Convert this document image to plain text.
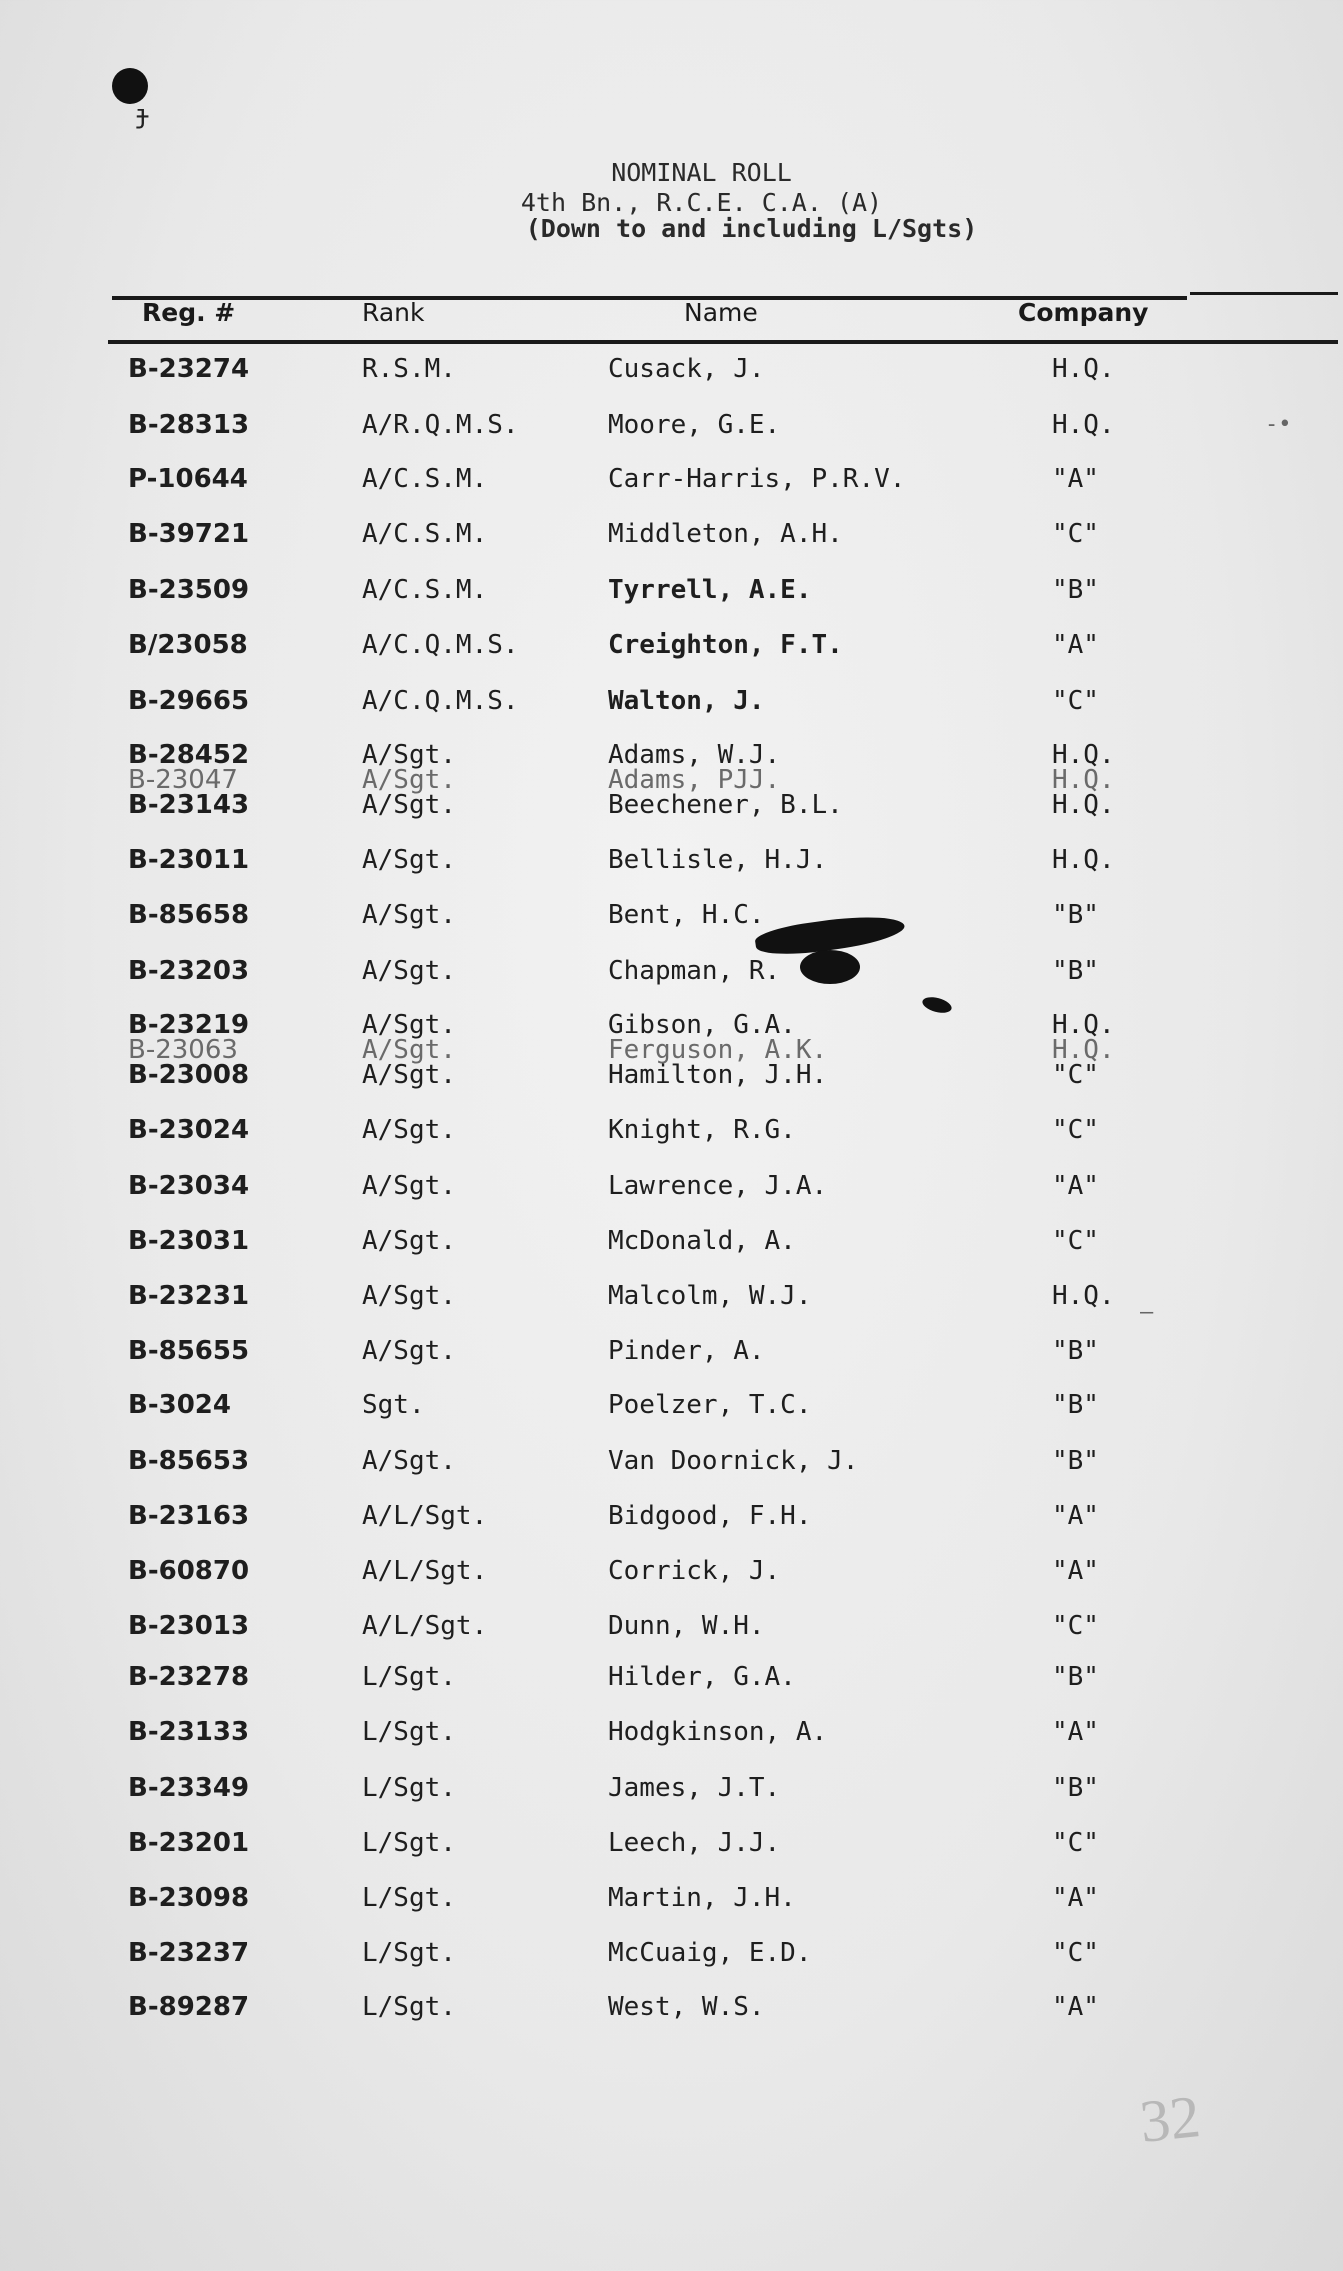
ɟ
NOMINAL ROLL
4th Bn., R.C.E. C.A. (A)
(Down to and including L/Sgts)
Reg. #	Rank	Name	Company
B-23274	R.S.M.	Cusack, J.	H.Q.
B-28313	A/R.Q.M.S.	Moore, G.E.	H.Q.
P-10644	A/C.S.M.	Carr-Harris, P.R.V.	"A"
B-39721	A/C.S.M.	Middleton, A.H.	"C"
B-23509	A/C.S.M.	Tyrrell, A.E.	"B"
B/23058	A/C.Q.M.S.	Creighton, F.T.	"A"
B-29665	A/C.Q.M.S.	Walton, J.	"C"
B-28452	A/Sgt.	Adams, W.J.	H.Q.
B-23047	A/Sgt.	Adams, PJJ.	H.Q.
B-23143	A/Sgt.	Beechener, B.L.	H.Q.
B-23011	A/Sgt.	Bellisle, H.J.	H.Q.
B-85658	A/Sgt.	Bent, H.C.	"B"
B-23203	A/Sgt.	Chapman, R.	"B"
B-23219	A/Sgt.	Gibson, G.A.	H.Q.
B-23063	A/Sgt.	Ferguson, A.K.	H.Q.
B-23008	A/Sgt.	Hamilton, J.H.	"C"
B-23024	A/Sgt.	Knight, R.G.	"C"
B-23034	A/Sgt.	Lawrence, J.A.	"A"
B-23031	A/Sgt.	McDonald, A.	"C"
B-23231	A/Sgt.	Malcolm, W.J.	H.Q.
B-85655	A/Sgt.	Pinder, A.	"B"
B-3024	Sgt.	Poelzer, T.C.	"B"
B-85653	A/Sgt.	Van Doornick, J.	"B"
B-23163	A/L/Sgt.	Bidgood, F.H.	"A"
B-60870	A/L/Sgt.	Corrick, J.	"A"
B-23013	A/L/Sgt.	Dunn, W.H.	"C"
B-23278	L/Sgt.	Hilder, G.A.	"B"
B-23133	L/Sgt.	Hodgkinson, A.	"A"
B-23349	L/Sgt.	James, J.T.	"B"
B-23201	L/Sgt.	Leech, J.J.	"C"
B-23098	L/Sgt.	Martin, J.H.	"A"
B-23237	L/Sgt.	McCuaig, E.D.	"C"
B-89287	L/Sgt.	West, W.S.	"A"
-•
—
32
